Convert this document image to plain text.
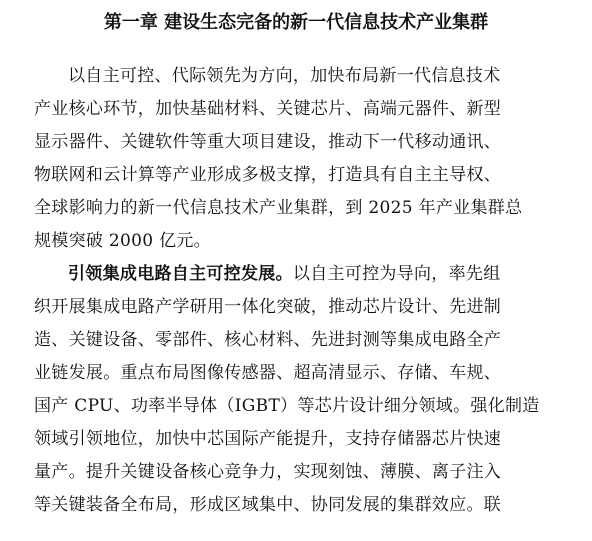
第一章 建设生态完备的新一代信息技术产业集群
以自主可控、代际领先为方向，加快布局新一代信息技术
产业核心环节，加快基础材料、关键芯片、高端元器件、新型
显示器件、关键软件等重大项目建设，推动下一代移动通讯、
物联网和云计算等产业形成多极支撑，打造具有自主主导权、
全球影响力的新一代信息技术产业集群，到 2025 年产业集群总
规模突破 2000 亿元。
引领集成电路自主可控发展。以自主可控为导向，率先组
织开展集成电路产学研用一体化突破，推动芯片设计、先进制
造、关键设备、零部件、核心材料、先进封测等集成电路全产
业链发展。重点布局图像传感器、超高清显示、存储、车规、
国产 CPU、功率半导体（IGBT）等芯片设计细分领域。强化制造
领域引领地位，加快中芯国际产能提升，支持存储器芯片快速
量产。提升关键设备核心竞争力，实现刻蚀、薄膜、离子注入
等关键装备全布局，形成区域集中、协同发展的集群效应。联
